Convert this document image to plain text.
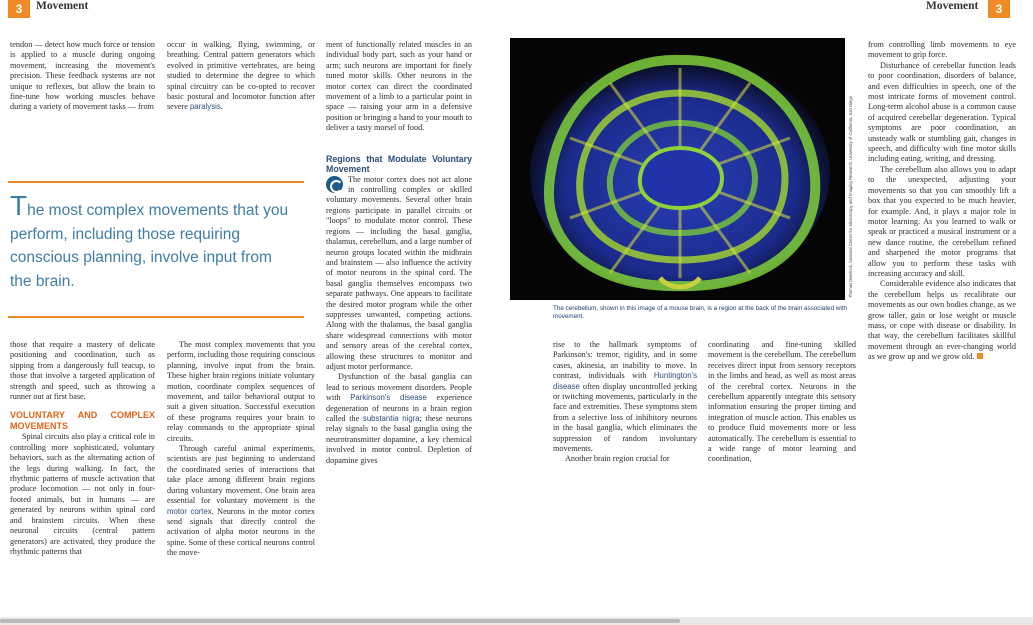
3	Movement	Movement	3

tendon — detect how much force or tension is applied to a muscle during ongoing movement, increasing the movement's precision. These feedback systems are not unique to reflexes, but allow the brain to fine-tune how working muscles behave during a variety of movement tasks — from

occur in walking, flying, swimming, or breathing. Central pattern generators which evolved in primitive vertebrates, are being studied to determine the degree to which spinal circuitry can be co-opted to recover basic postural and locomotor function after severe paralysis.

The most complex movements that you perform, including those requiring conscious planning, involve input from the brain.

those that require a mastery of delicate positioning and coordination, such as sipping from a dangerously full teacup, to those that involve a targeted application of strength and speed, such as throwing a runner out at first base.

VOLUNTARY AND COMPLEX MOVEMENTS

Spinal circuits also play a critical role in controlling more sophisticated, voluntary behaviors, such as the alternating action of the legs during walking. In fact, the rhythmic patterns of muscle activation that produce locomotion — not only in four-footed animals, but in humans — are generated by neurons within spinal cord and brainstem circuits. When these neuronal circuits (central pattern generators) are activated, they produce the rhythmic patterns that

The most complex movements that you perform, including those requiring conscious planning, involve input from the brain. These higher brain regions initiate voluntary motion, coordinate complex sequences of movement, and tailor behavioral output to suit a given situation. Successful execution of these programs requires your brain to relay commands to the appropriate spinal circuits.

Through careful animal experiments, scientists are just beginning to understand the coordinated series of interactions that take place among different brain regions during voluntary movement. One brain area essential for voluntary movement is the motor cortex. Neurons in the motor cortex send signals that directly control the activation of alpha motor neurons in the spine. Some of these cortical neurons control the move-

ment of functionally related muscles in an individual body part, such as your hand or arm; such neurons are important for finely tuned motor skills. Other neurons in the motor cortex can direct the coordinated movement of a limb to a particular point in space — raising your arm in a defensive position or bringing a hand to your mouth to deliver a tasty morsel of food.

Regions that Modulate Voluntary Movement

The motor cortex does not act alone in controlling complex or skilled voluntary movements. Several other brain regions participate in parallel circuits or "loops" to modulate motor control. These regions — including the basal ganglia, thalamus, cerebellum, and a large number of neuron groups located within the midbrain and brainstem — also influence the activity of motor neurons in the spinal cord. The basal ganglia themselves encompass two separate pathways. One appears to facilitate the desired motor program while the other suppresses unwanted, competing actions. Along with the thalamus, the basal ganglia share widespread connections with motor and sensory areas of the cerebral cortex, allowing these structures to monitor and adjust motor performance.

Dysfunction of the basal ganglia can lead to serious movement disorders. People with Parkinson's disease experience degeneration of neurons in a brain region called the substantia nigra; these neurons relay signals to the basal ganglia using the neurotransmitter dopamine, a key chemical involved in motor control. Depletion of dopamine gives

Thomas Deerinck, National Center for Microscopy and Imaging Research, University of California, San Diego
The cerebellum, shown in this image of a mouse brain, is a region at the back of the brain associated with movement.

rise to the hallmark symptoms of Parkinson's: tremor, rigidity, and in some cases, akinesia, an inability to move. In contrast, individuals with Huntington's disease often display uncontrolled jerking or twitching movements, particularly in the face and extremities. These symptoms stem from a selective loss of inhibitory neurons in the basal ganglia, which eliminates the suppression of random involuntary movements.

Another brain region crucial for

coordinating and fine-tuning skilled movement is the cerebellum. The cerebellum receives direct input from sensory receptors in the limbs and head, as well as most areas of the cerebral cortex. Neurons in the cerebellum apparently integrate this sensory information ensuring the proper timing and integration of muscle action. This enables us to produce fluid movements more or less automatically. The cerebellum is essential to a wide range of motor learning and coordination,

from controlling limb movements to eye movement to grip force.

Disturbance of cerebellar function leads to poor coordination, disorders of balance, and even difficulties in speech, one of the most intricate forms of movement control. Long-term alcohol abuse is a common cause of acquired cerebellar degeneration. Typical symptoms are poor coordination, an unsteady walk or stumbling gait, changes in speech, and difficulty with fine motor skills including eating, writing, and dressing.

The cerebellum also allows you to adapt to the unexpected, adjusting your movements so that you can smoothly lift a box that you expected to be much heavier, for example. And, it plays a major role in motor learning. As you learned to walk or speak or practiced a musical instrument or a new dance routine, the cerebellum refined and sharpened the motor programs that allow you to perform these tasks with increasing accuracy and skill.

Considerable evidence also indicates that the cerebellum helps us recalibrate our movements as our own bodies change, as we grow taller, gain or lose weight or muscle mass, or cope with disease or disability. In that way, the cerebellum facilitates skillful movement through an ever-changing world as we grow up and we grow old.
